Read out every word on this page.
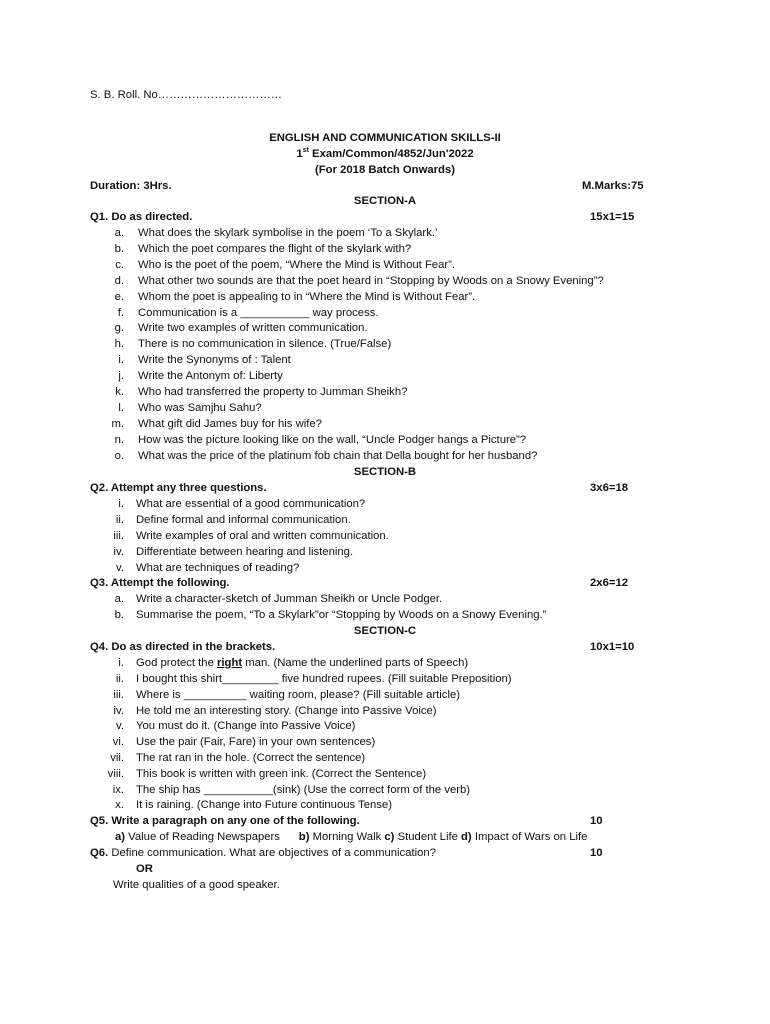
S. B. Roll. No……………………………
ENGLISH AND COMMUNICATION SKILLS-II
1st Exam/Common/4852/Jun'2022
(For 2018 Batch Onwards)
Duration: 3Hrs.	M.Marks:75
SECTION-A
Q1. Do as directed.	15x1=15
a. What does the skylark symbolise in the poem ‘To a Skylark.’
b. Which the poet compares the flight of the skylark with?
c. Who is the poet of the poem, “Where the Mind is Without Fear”.
d. What other two sounds are that the poet heard in “Stopping by Woods on a Snowy Evening”?
e. Whom the poet is appealing to in “Where the Mind is Without Fear”.
f. Communication is a ___________ way process.
g. Write two examples of written communication.
h. There is no communication in silence. (True/False)
i. Write the Synonyms of : Talent
j. Write the Antonym of: Liberty
k. Who had transferred the property to Jumman Sheikh?
l. Who was Samjhu Sahu?
m. What gift did James buy for his wife?
n. How was the picture looking like on the wall, “Uncle Podger hangs a Picture”?
o. What was the price of the platinum fob chain that Della bought for her husband?
SECTION-B
Q2. Attempt any three questions.	3x6=18
i. What are essential of a good communication?
ii. Define formal and informal communication.
iii. Write examples of oral and written communication.
iv. Differentiate between hearing and listening.
v. What are techniques of reading?
Q3. Attempt the following.	2x6=12
a. Write a character-sketch of Jumman Sheikh or Uncle Podger.
b. Summarise the poem, “To a Skylark”or “Stopping by Woods on a Snowy Evening.”
SECTION-C
Q4. Do as directed in the brackets.	10x1=10
i. God protect the right man. (Name the underlined parts of Speech)
ii. I bought this shirt_________ five hundred rupees. (Fill suitable Preposition)
iii. Where is __________ waiting room, please? (Fill suitable article)
iv. He told me an interesting story. (Change into Passive Voice)
v. You must do it. (Change into Passive Voice)
vi. Use the pair (Fair, Fare) in your own sentences)
vii. The rat ran in the hole. (Correct the sentence)
viii. This book is written with green ink. (Correct the Sentence)
ix. The ship has ___________(sink) (Use the correct form of the verb)
x. It is raining. (Change into Future continuous Tense)
Q5. Write a paragraph on any one of the following.	10
a) Value of Reading Newspapers b) Morning Walk c) Student Life d) Impact of Wars on Life
Q6. Define communication. What are objectives of a communication?	10
OR
Write qualities of a good speaker.
